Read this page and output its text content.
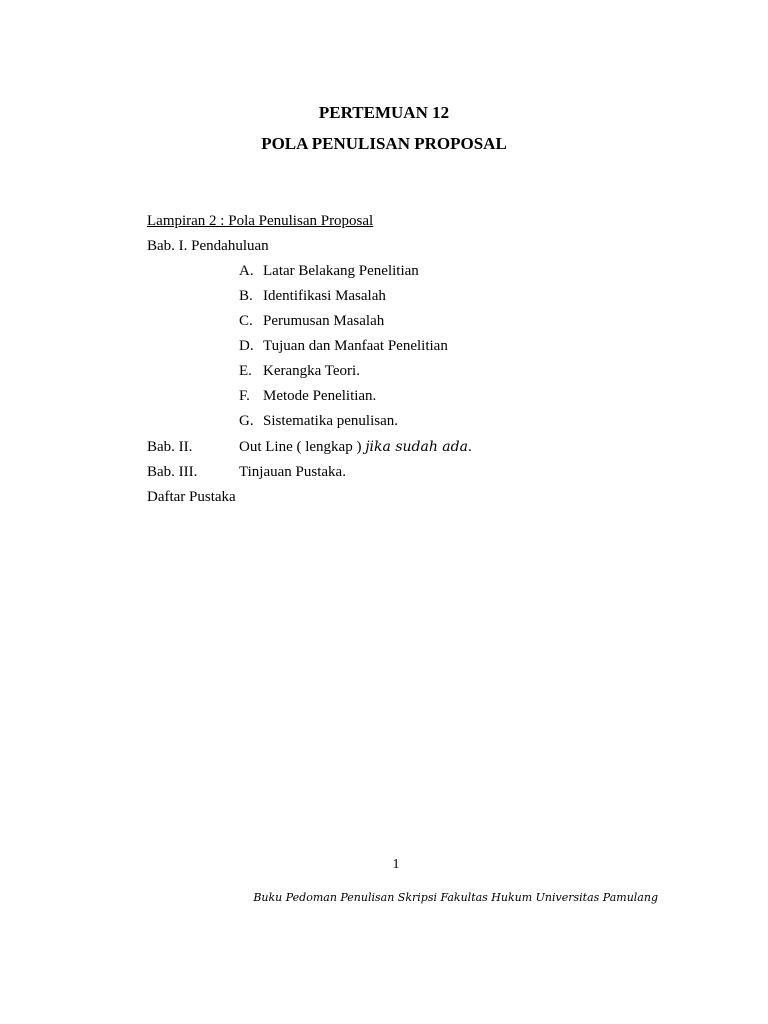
PERTEMUAN 12
POLA PENULISAN PROPOSAL
Lampiran 2 : Pola Penulisan Proposal
Bab. I. Pendahuluan
A. Latar Belakang Penelitian
B. Identifikasi Masalah
C. Perumusan Masalah
D. Tujuan dan Manfaat Penelitian
E. Kerangka Teori.
F. Metode Penelitian.
G. Sistematika penulisan.
Bab. II.	Out Line ( lengkap ) jika sudah ada.
Bab. III.	Tinjauan Pustaka.
Daftar Pustaka
1
Buku Pedoman Penulisan Skripsi Fakultas Hukum Universitas Pamulang
